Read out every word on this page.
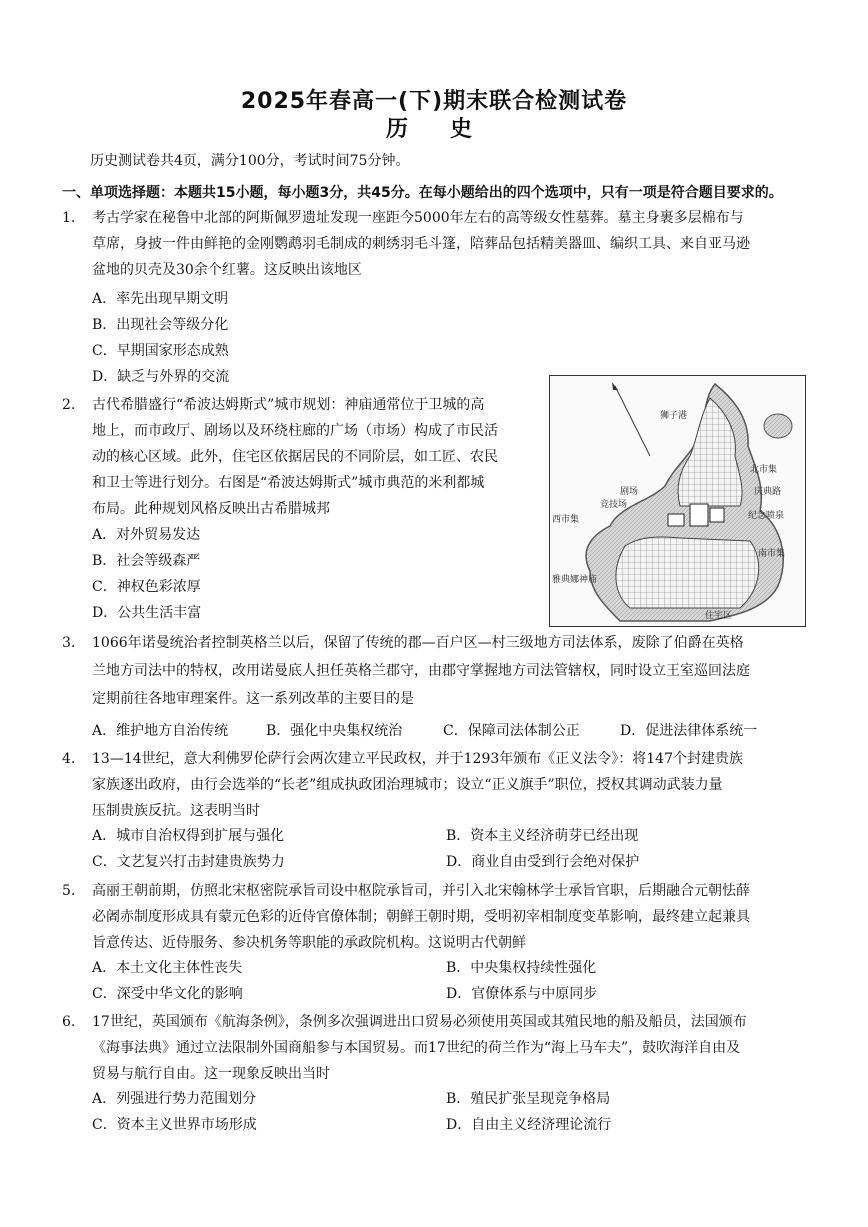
2025年春高一(下)期末联合检测试卷
历　史
历史测试卷共4页，满分100分，考试时间75分钟。
一、单项选择题：本题共15小题，每小题3分，共45分。在每小题给出的四个选项中，只有一项是符合题目要求的。
1.	考古学家在秘鲁中北部的阿斯佩罗遗址发现一座距今5000年左右的高等级女性墓葬。墓主身裹多层棉布与
草席，身披一件由鲜艳的金刚鹦鹉羽毛制成的刺绣羽毛斗篷，陪葬品包括精美器皿、编织工具、来自亚马逊
盆地的贝壳及30余个红薯。这反映出该地区
A．率先出现早期文明
B．出现社会等级分化
C．早期国家形态成熟
D．缺乏与外界的交流
2.	古代希腊盛行“希波达姆斯式”城市规划：神庙通常位于卫城的高
地上，而市政厅、剧场以及环绕柱廊的广场（市场）构成了市民活
动的核心区域。此外，住宅区依据居民的不同阶层，如工匠、农民
和卫士等进行划分。右图是“希波达姆斯式”城市典范的米利都城
布局。此种规划风格反映出古希腊城邦
A．对外贸易发达
B．社会等级森严
C．神权色彩浓厚
D．公共生活丰富
狮子港
北市集
庆典路
纪念喷泉
南市集
剧场
竞技场
西市集
雅典娜神庙
住宅区
3.	1066年诺曼统治者控制英格兰以后，保留了传统的郡—百户区—村三级地方司法体系，废除了伯爵在英格
兰地方司法中的特权，改用诺曼底人担任英格兰郡守，由郡守掌握地方司法管辖权，同时设立王室巡回法庭
定期前往各地审理案件。这一系列改革的主要目的是
A．维护地方自治传统	B．强化中央集权统治	C．保障司法体制公正	D．促进法律体系统一
4.	13—14世纪，意大利佛罗伦萨行会两次建立平民政权，并于1293年颁布《正义法令》：将147个封建贵族
家族逐出政府，由行会选举的“长老”组成执政团治理城市；设立“正义旗手”职位，授权其调动武装力量
压制贵族反抗。这表明当时
A．城市自治权得到扩展与强化	B．资本主义经济萌芽已经出现
C．文艺复兴打击封建贵族势力	D．商业自由受到行会绝对保护
5.	高丽王朝前期，仿照北宋枢密院承旨司设中枢院承旨司，并引入北宋翰林学士承旨官职，后期融合元朝怯薛
必阇赤制度形成具有蒙元色彩的近侍官僚体制；朝鲜王朝时期，受明初宰相制度变革影响，最终建立起兼具
旨意传达、近侍服务、参决机务等职能的承政院机构。这说明古代朝鲜
A．本土文化主体性丧失	B．中央集权持续性强化
C．深受中华文化的影响	D．官僚体系与中原同步
6.	17世纪，英国颁布《航海条例》，条例多次强调进出口贸易必须使用英国或其殖民地的船及船员，法国颁布
《海事法典》通过立法限制外国商船参与本国贸易。而17世纪的荷兰作为“海上马车夫”，鼓吹海洋自由及
贸易与航行自由。这一现象反映出当时
A．列强进行势力范围划分	B．殖民扩张呈现竞争格局
C．资本主义世界市场形成	D．自由主义经济理论流行
